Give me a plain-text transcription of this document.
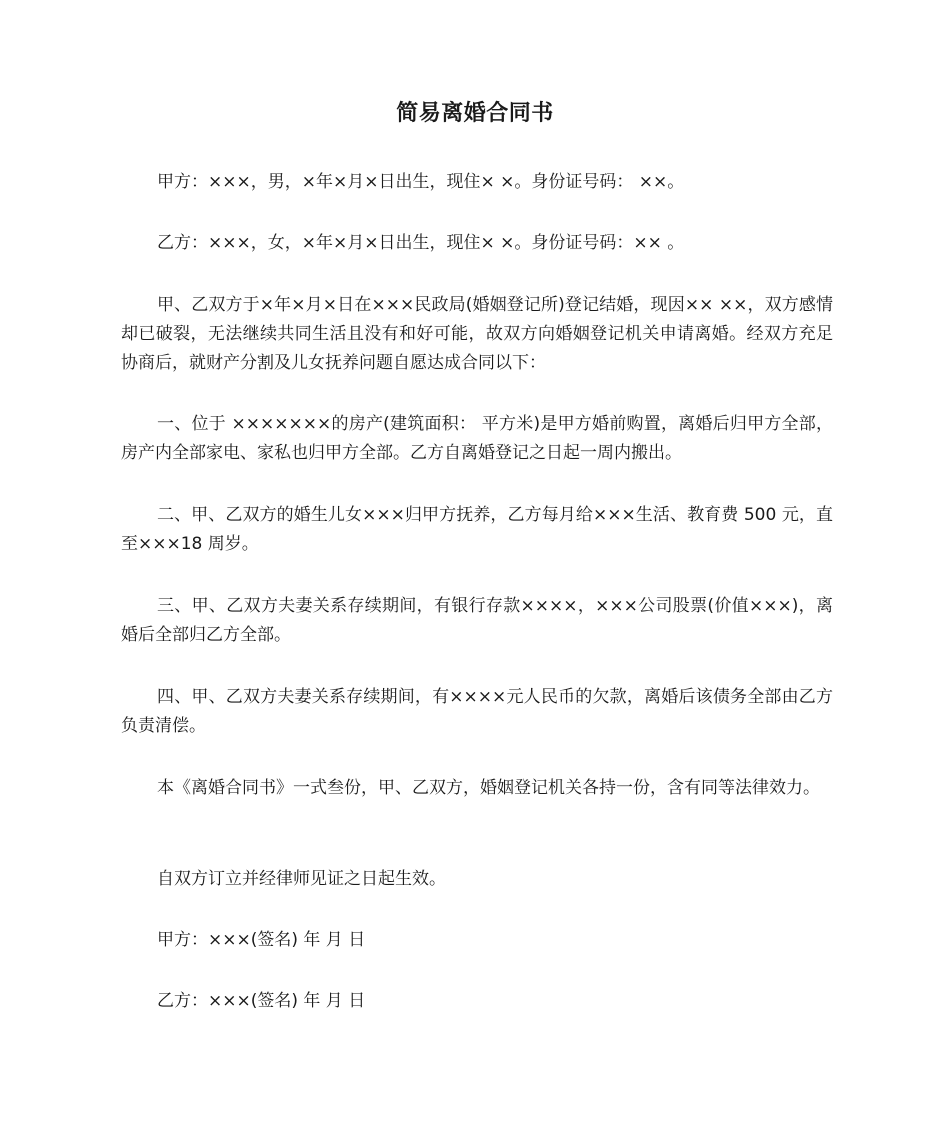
简易离婚合同书

甲方：×××，男，×年×月×日出生，现住× ×。身份证号码： ××。

乙方：×××，女，×年×月×日出生，现住× ×。身份证号码：×× 。

甲、乙双方于×年×月×日在×××民政局(婚姻登记所)登记结婚，现因×× ××，双方感情却已破裂，无法继续共同生活且没有和好可能，故双方向婚姻登记机关申请离婚。经双方充足协商后，就财产分割及儿女抚养问题自愿达成合同以下：

一、位于 ×××××××的房产(建筑面积： 平方米)是甲方婚前购置，离婚后归甲方全部，房产内全部家电、家私也归甲方全部。乙方自离婚登记之日起一周内搬出。

二、甲、乙双方的婚生儿女×××归甲方抚养，乙方每月给×××生活、教育费 500 元，直至×××18 周岁。

三、甲、乙双方夫妻关系存续期间，有银行存款××××，×××公司股票(价值×××)，离婚后全部归乙方全部。

四、甲、乙双方夫妻关系存续期间，有××××元人民币的欠款，离婚后该债务全部由乙方负责清偿。

本《离婚合同书》一式叁份，甲、乙双方，婚姻登记机关各持一份，含有同等法律效力。

自双方订立并经律师见证之日起生效。

甲方：×××(签名) 年 月 日

乙方：×××(签名) 年 月 日
